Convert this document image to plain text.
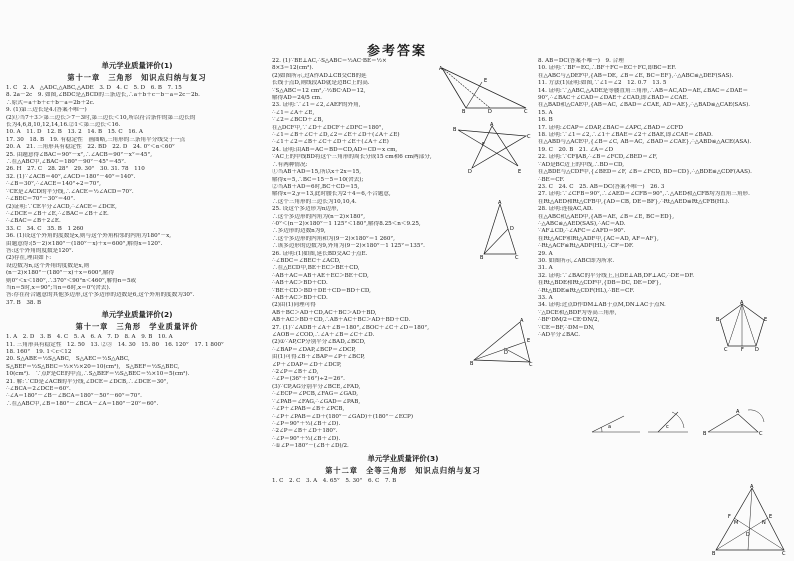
参考答案
单元学业质量评价(1)
第十一章　三角形　知识点归纳与复习
1. C　2. A　△ADC,△ABC,△ADE　3. D　4. C　5. D　6. B　7. 15
8. 2a－2c　9. 如图,∠BDC是△BCD的三条边长,∴a＋b＋c－b－a＝2c－2b.
∴原式＝a＋b＋c＋b－a＝2b＋2c.
9. (1)第三边长是4.(答案不唯一)
(2)①当7＋3＞第三边长＞7－3时,第三边长＜10,所以符合条件的第三边长的
长为4,6,8,10,12,14,16.②1＜第三边长＜16.
10. A　11. D　12. B　13. 2　14. B　15. C　16. A
17. 30　18. B　19. 有稳定性　画图略,三角形的三条角平分线交于一点
20. A　21. 三角形具有稳定性　22. BD　22. D　24. 0°＜α＜60°
25. 由题意得∠BAC＝90°－x°,∴∠ACB＝90°－x°＝45°,
∴在△ABC中,∠BAC＝180°－90°－45°＝45°.
26. H　27. C　28. 28°　29. 30°　30. 31. 78　110
32. (1)∵∠ACB＝40°,∠ACD＝180°－40°＝140°.
∴∠B＝30°,∴∠ACE＝140°÷2＝70°,
∵CE是∠ACD的平分线,∴∠ACE＝½∠ACD＝70°.
∴∠BEC＝70°－30°＝40°.
(2)证明:∵CE平分∠ACD,∴∠ACE＝∠DCE,
∴∠DCE＝∠B＋∠E,∴∠BAC＝∠B＋∠E.
∴∠BAC＝∠B＋2∠E.
33. C　34. C　35. B　1 260
36. (1)设这个外角的度数是x,则与这个外角相邻的内角为180°－x,
由题意得:(5－2)×180°－(180°－x)＋x＝600°,解得x＝120°.
答:这个外角的度数是120°.
(2)存在,理由如下:
设边数为n,这个外角的度数是x,则
(n－2)×180°－(180°－x)＋x＝600°,解得
则0°＜x＜180°,∴370°＜90°n＜460°,解得n＝5或
当n＝5时,x＝90°;当n＝6时,x＝0°(舍去).
答:存在符合题意的其他多边形,这个多边形的边数是6,这个外角的度数为30°.
37. B　38. B
单元学业质量评价(2)
第十一章　三角形　学业质量评价
1. A　2. D　3. B　4. C　5. A　6. A　7. D　8. A　9. B　10. A
11. 三角形具有稳定性　12. 50　13. ②③　14. 30　15. 80　16. 120°　17. 1 800°
18. 160°　19. 1＜c＜12
20. S△ABE＝½S△ABC,　S△AEC＝½S△ABC,
S△BEF＝½S△BEC＝½×½×20＝10(cm²),　S△BEF＝½S△BEC,
10(cm²).　∵点F是CE的中点,∴S△BEF＝½S△BEC＝½×10＝5(cm²).
21. 解:∵CD是∠ACB的平分线,∠DCE＝∠DCB,∴∠DCE＝30°,
∴∠BCA＝2∠DCE＝60°.
∴∠A＝180°－∠B－∠BCA＝180°－50°－60°＝70°.
∴在△ABC中,∠B＝180°－∠BCA－∠A＝180°－20°＝60°.
22. (1)∵BE⊥AC,∴S△ABC＝½AC·BE＝½×
8×3＝12(cm²).
(2)如图所示,过A作AD⊥CB交CB的延
长线于点D,则线段AD就是边BC上的高.
∵S△ABC＝12 cm²,∴½BC·AD＝12,
解得AD＝24/5 cm.
23. 证明:∵∠1＝∠2,∠AEF的外角,
∴∠1＝∠A＋∠E,
∵∠2＝∠BCD＋∠B,
在△DCF中,∵∠D＋∠DCF＋∠DFC＝180°,
∴∠1＝∠B＋∠C＋∠D,∠2＝∠E＋∠D＋(∠A＋∠E)
∴∠1＋∠2＝∠B＋∠C＋∠D＋∠E＋(∠A＋∠E)
24. 证明:由AB＝AC＝BD＝CD,AD＝CD＝x cm,
∵AC上的中线BD将这个三角形的周长分成15 cm和6 cm两部分,
∴有两种情况:
①当AB＋AD＝15,所以x＋2x＝15,
解得x＝5,∴BC＝15－5＝10(舍去);
②当AB＋AD＝6时,BC＋CD＝15,
解得x＝2,y＝13,此时腰长为2＋4＝6,不合题意,
∴这个三角形的三边长为10,10,4.
25. 设这个多边形为n边形,
∴这个多边形的内角为(n－2)×180°,
∴0°＜(n－2)×180°－1 125°＜180°,解得8.25＜n＜9.25,
∴多边形的边数n为9,
∴这个多边形的内角和为(9－2)×180°＝1 260°,
∴该多边形的边数为9,外角为(9－2)×180°－1 125°＝135°.
26. 证明:(1)如图,延长BD交AC于点E.
∴∠BDC＝∠BEC＋∠ACD,
∴在△ECD中,BE＋EC＞BE＋CD,
∴AB＋AC＝AB＋AE＋EC＞BE＋CD,
∴AB＋AC＞BD＋CD.
∵BE＋CD＞BD＋DE＋CD＝BD＋CD,
∴AB＋AC＞BD＋CD.
(2)由(1)同理可得
AB＋BC＞AD＋CD,AC＋BC＞AD＋BD,
AB＋AC＞BD＋CD,∴AB＋AC＋BC＞AD＋BD＋CD.
27. (1)∵∠ADB＋∠A＋∠B＝180°,∠BOC＋∠C＋∠D＝180°,
∠AOB＝∠COD,∴∠A＋∠B＝∠C＋∠D.
(2)①∵AP,CP分别平分∠BAD,∠BCD,
∴∠BAP＝∠DAP,∠BCP＝∠DCP,
由(1)可得∠B＋∠BAP＝∠P＋∠BCP,
∠P＋∠DAP＝∠D＋∠DCP,
∴2∠P＝∠B＋∠D,
∴∠P＝(36°＋16°)÷2＝26°.
(3)∵CP,AG分别平分∠BCE,∠FAD,
∴∠ECP＝∠PCB,∠FAG＝∠GAD,
∵∠PAB＝∠FAG,∴∠GAD＝∠PAB,
∴∠P＋∠PAB＝∠B＋∠PCB,
∴∠P＋∠PAB＝∠D＋(180°－∠GAD)＋(180°－∠ECP)
∴∠P＝90°＋½(∠B＋∠D).
∴2∠P＝∠B＋∠D＋180°.
∴∠P＝90°＋½(∠B＋∠D).
∴①∠P＝180°－(∠B＋∠D)/2.
单元学业质量评价(3)
第十二章　全等三角形　知识点归纳与复习
1. C　2. C　3. A　4. 65°　5. 30°　6. C　7. B
8. AB＝DC(答案不唯一)　9. 合理
10. 证明:∵BF＝EC,∴BF＋FC＝EC＋FC,即BC＝EF.
在△ABC与△DEF中,{AB＝DE, ∠B＝∠E, BC＝EF},∴△ABC≌△DEF(SAS).
11. 方法(1)证明:如图,∵∠1＝∠2　12. 0.7　13. 5
14. 证明:∵△ABC,△ADE是等腰直角三角形,∴AB＝AC,AD＝AE,∠BAC＝∠DAE＝
90°,∴∠BAC＋∠CAD＝∠DAE＋∠CAD,即∠BAD＝∠CAE.
在△BAD和△CAE中,{AB＝AC, ∠BAD＝∠CAE, AD＝AE},∴△BAD≌△CAE(SAS).
15. A
16. B
17. 证明:∠CAP＝∠DAP,∠BAC＝∠APC,∠BAD＝∠CFD
18. 证明:∵∠1＝∠2,∴∠1＋∠BAE＝∠2＋∠BAE,即∠CAE＝∠BAD.
在△ABD与△ACE中,{∠B＝∠C, AB＝AC, ∠BAD＝∠CAE},∴△ABD≌△ACE(ASA).
19. C　20. B　21. ∠A＝∠D
22. 证明:∵CF∥AB,∴∠B＝∠FCD,∠BED＝∠F,
∵AD是BC边上的中线,∴BD＝CD,
在△BDE与△CDF中,{∠BED＝∠F, ∠B＝∠FCD, BD＝CD},∴△BDE≌△CDF(AAS).
∴BE＝CF.
23. C　24. C　25. AB＝DC(答案不唯一)　26. 3
27. 证明:∵∠CFB＝90°,∴∠AED＝∠CFB＝90°,∴△AED和△CFB均为直角三角形.
在Rt△AED和Rt△CFB中,{AD＝CB, DE＝BF},∴Rt△AED≌Rt△CFB(HL).
28. 证明:连接AC,AD.
在△ABC和△AED中,{AB＝AE, ∠B＝∠E, BC＝ED},
∴△ABC≌△AED(SAS),∴AC＝AD.
∵AF⊥CD,∴∠AFC＝∠AFD＝90°.
在Rt△ACF和Rt△ADF中,{AC＝AD, AF＝AF},
∴Rt△ACF≌Rt△ADF(HL),∴CF＝DF.
29. A
30. 如图所示,∠ABC即为所求.
31. A
32. 证明:∵∠BAC的平分线上,且DE⊥AB,DF⊥AC,∴DE＝DF.
在Rt△BDE和Rt△CDF中,{DB＝DC, DE＝DF},
∴Rt△BDE≌Rt△CDF(HL),∴BE＝CF.
33. A
34. 证明:过点D作DM⊥AB于点M,DN⊥AC于点N.
∵△DCE和△BDF为等高三角形,
∴BF·DM/2＝CE·DN/2,
∵CE＝BF,∴DM＝DN,
∴AD平分∠BAC.
A
E
B	C
D
A
B
C
D	E
F
A
B
D
C
A
B	C
D
E
A
B
C	D
E
F
a	c
A
B	C
A
B	C
D
E
F
M	N
